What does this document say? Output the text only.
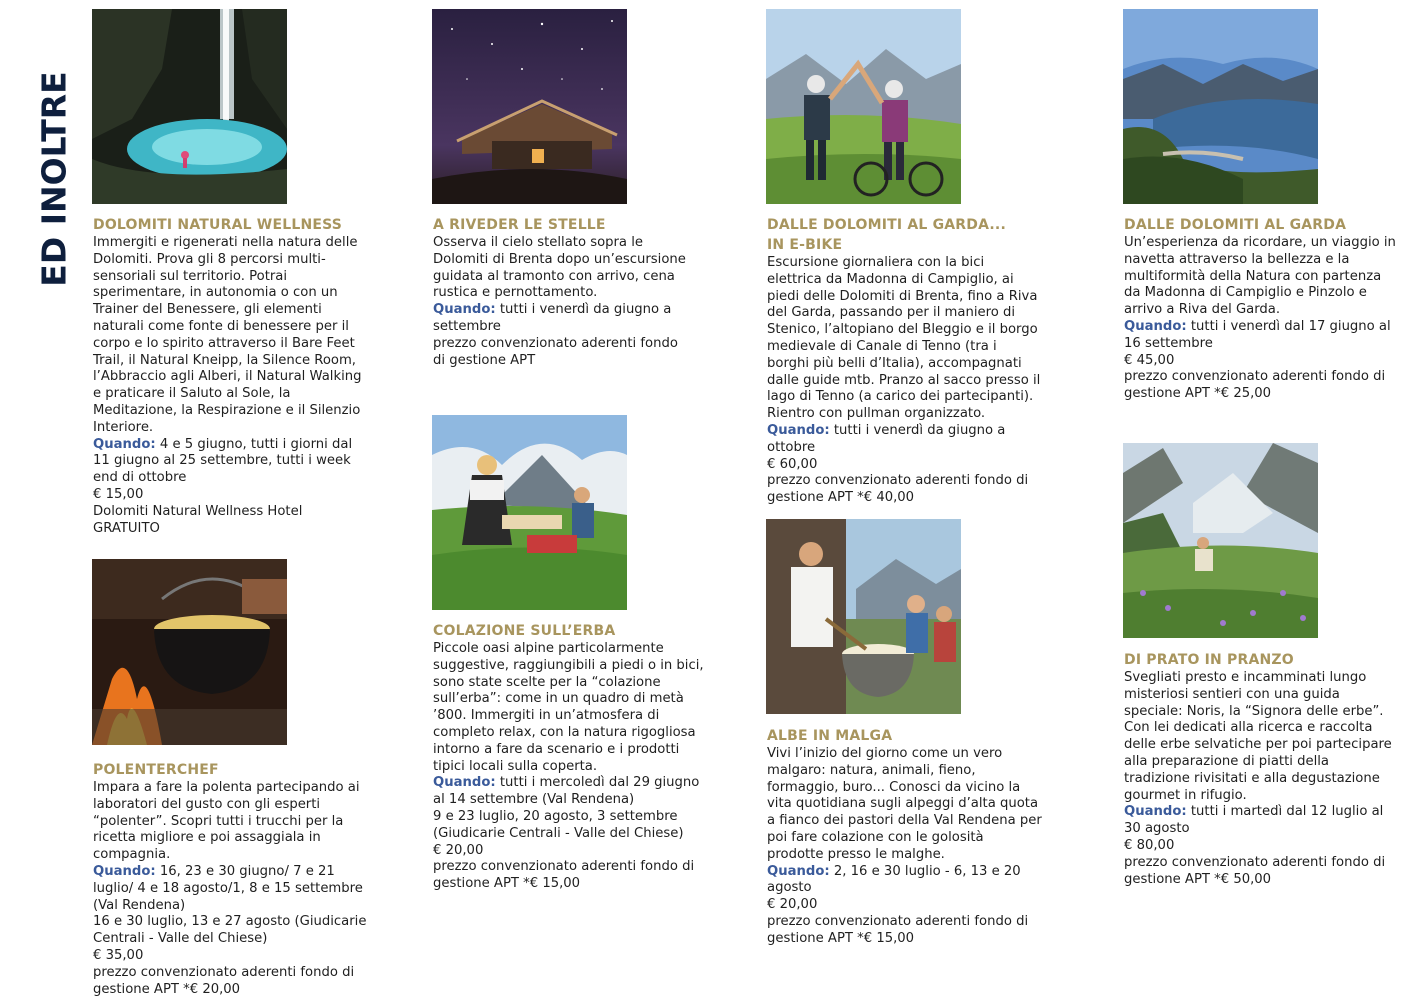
ED INOLTRE DOLOMITI NATURAL WELLNESS

Immergiti e rigenerati nella natura delle Dolomiti. Prova gli 8 percorsi multi-sensoriali sul territorio. Potrai sperimentare, in autonomia o con un Trainer del Benessere, gli elementi naturali come fonte di benessere per il corpo e lo spirito attraverso il Bare Feet Trail, il Natural Kneipp, la Silence Room, l’Abbraccio agli Alberi, il Natural Walking e praticare il Saluto al Sole, la Meditazione, la Respirazione e il Silenzio Interiore.

Quando: 4 e 5 giugno, tutti i giorni dal 11 giugno al 25 settembre, tutti i week end di ottobre

€ 15,00

Dolomiti Natural Wellness Hotel GRATUITO

POLENTERCHEF

Impara a fare la polenta partecipando ai laboratori del gusto con gli esperti “polenter”. Scopri tutti i trucchi per la ricetta migliore e poi assaggiala in compagnia.

Quando: 16, 23 e 30 giugno/ 7 e 21 luglio/ 4 e 18 agosto/1, 8 e 15 settembre (Val Rendena)

16 e 30 luglio, 13 e 27 agosto (Giudicarie Centrali - Valle del Chiese)

€ 35,00

prezzo convenzionato aderenti fondo di gestione APT *€ 20,00

A RIVEDER LE STELLE

Osserva il cielo stellato sopra le Dolomiti di Brenta dopo un’escursione guidata al tramonto con arrivo, cena rustica e pernottamento.

Quando: tutti i venerdì da giugno a settembre

prezzo convenzionato aderenti fondo di gestione APT

COLAZIONE SULL’ERBA

Piccole oasi alpine particolarmente suggestive, raggiungibili a piedi o in bici, sono state scelte per la “colazione sull’erba”: come in un quadro di metà ’800. Immergiti in un’atmosfera di completo relax, con la natura rigogliosa intorno a fare da scenario e i prodotti tipici locali sulla coperta.

Quando: tutti i mercoledì dal 29 giugno al 14 settembre (Val Rendena)

9 e 23 luglio, 20 agosto, 3 settembre (Giudicarie Centrali - Valle del Chiese)

€ 20,00

prezzo convenzionato aderenti fondo di gestione APT *€ 15,00

DALLE DOLOMITI AL GARDA...
IN E-BIKE

Escursione giornaliera con la bici elettrica da Madonna di Campiglio, ai piedi delle Dolomiti di Brenta, fino a Riva del Garda, passando per il maniero di Stenico, l’altopiano del Bleggio e il borgo medievale di Canale di Tenno (tra i borghi più belli d’Italia), accompagnati dalle guide mtb. Pranzo al sacco presso il lago di Tenno (a carico dei partecipanti). Rientro con pullman organizzato.

Quando: tutti i venerdì da giugno a ottobre

€ 60,00

prezzo convenzionato aderenti fondo di gestione APT *€ 40,00

ALBE IN MALGA

Vivi l’inizio del giorno come un vero malgaro: natura, animali, fieno, formaggio, buro... Conosci da vicino la vita quotidiana sugli alpeggi d’alta quota a fianco dei pastori della Val Rendena per poi fare colazione con le golosità prodotte presso le malghe.

Quando: 2, 16 e 30 luglio - 6, 13 e 20 agosto

€ 20,00

prezzo convenzionato aderenti fondo di gestione APT *€ 15,00

DALLE DOLOMITI AL GARDA

Un’esperienza da ricordare, un viaggio in navetta attraverso la bellezza e la multiformità della Natura con partenza da Madonna di Campiglio e Pinzolo e arrivo a Riva del Garda.

Quando: tutti i venerdì dal 17 giugno al 16 settembre

€ 45,00

prezzo convenzionato aderenti fondo di gestione APT *€ 25,00

DI PRATO IN PRANZO

Svegliati presto e incamminati lungo misteriosi sentieri con una guida speciale: Noris, la “Signora delle erbe”. Con lei dedicati alla ricerca e raccolta delle erbe selvatiche per poi partecipare alla preparazione di piatti della tradizione rivisitati e alla degustazione gourmet in rifugio.

Quando: tutti i martedì dal 12 luglio al 30 agosto

€ 80,00

prezzo convenzionato aderenti fondo di gestione APT *€ 50,00
